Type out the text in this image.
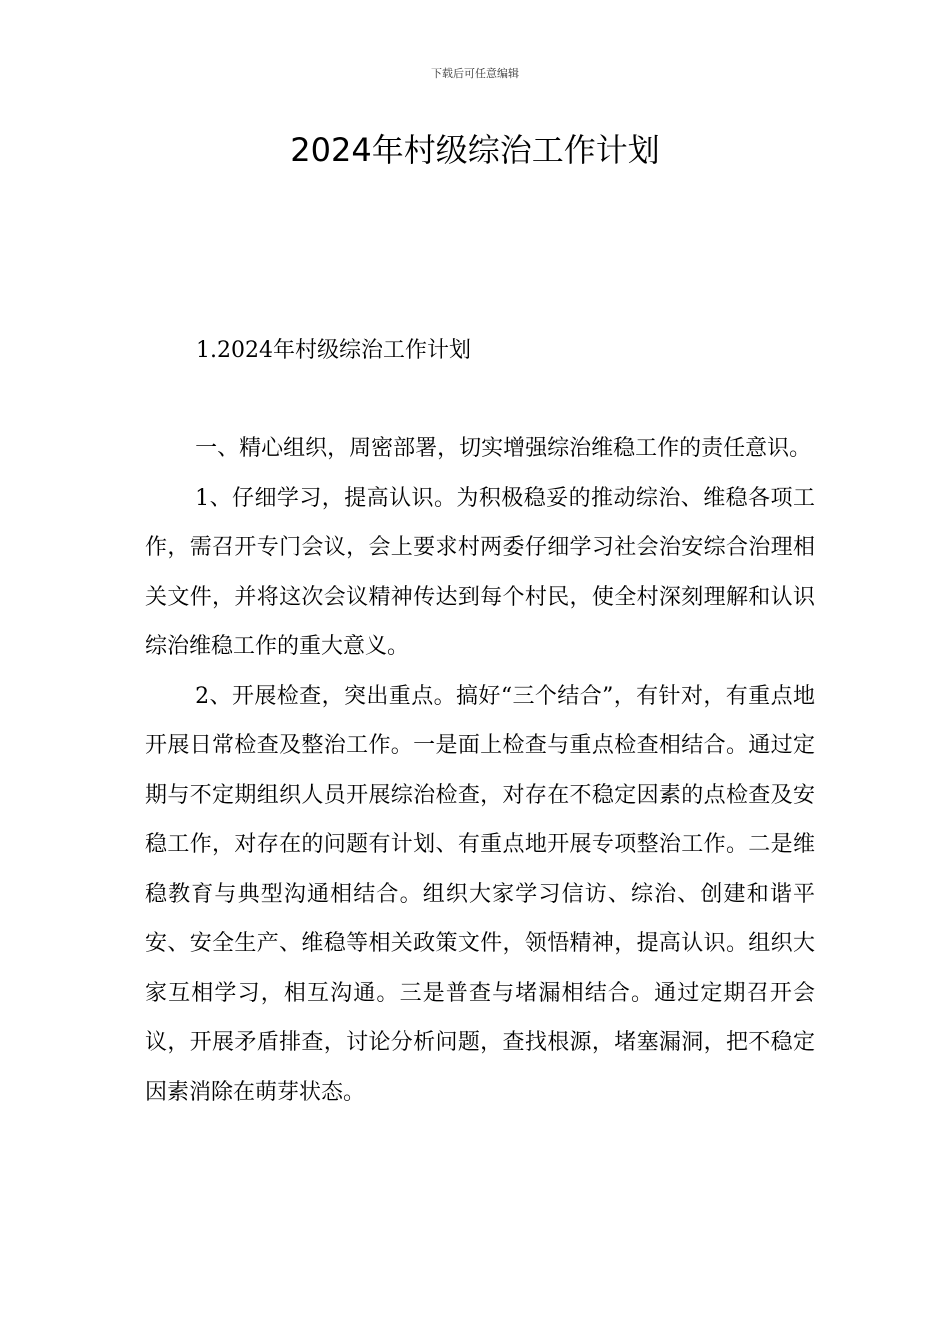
下载后可任意编辑
2024年村级综治工作计划
1.2024年村级综治工作计划

一、精心组织，周密部署，切实增强综治维稳工作的责任意识。

1、仔细学习，提高认识。为积极稳妥的推动综治、维稳各项工作，需召开专门会议，会上要求村两委仔细学习社会治安综合治理相关文件，并将这次会议精神传达到每个村民，使全村深刻理解和认识综治维稳工作的重大意义。

2、开展检查，突出重点。搞好“三个结合”，有针对，有重点地开展日常检查及整治工作。一是面上检查与重点检查相结合。通过定期与不定期组织人员开展综治检查，对存在不稳定因素的点检查及安稳工作，对存在的问题有计划、有重点地开展专项整治工作。二是维稳教育与典型沟通相结合。组织大家学习信访、综治、创建和谐平安、安全生产、维稳等相关政策文件，领悟精神，提高认识。组织大家互相学习，相互沟通。三是普查与堵漏相结合。通过定期召开会议，开展矛盾排查，讨论分析问题，查找根源，堵塞漏洞，把不稳定因素消除在萌芽状态。
